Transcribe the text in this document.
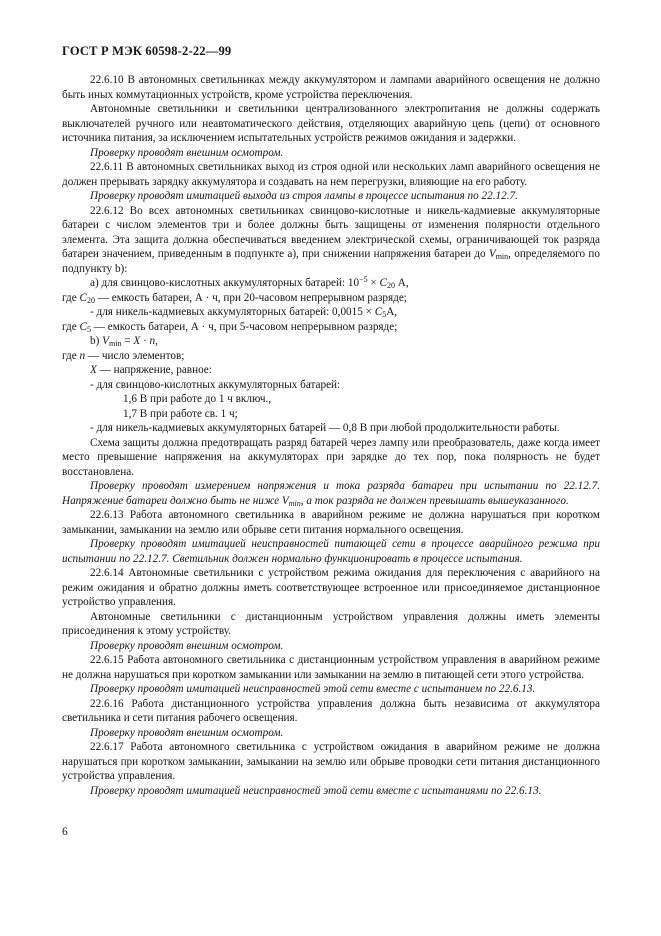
ГОСТ Р МЭК 60598-2-22—99

22.6.10 В автономных светильниках между аккумулятором и лампами аварийного освещения не должно быть иных коммутационных устройств, кроме устройства переключения.

Автономные светильники и светильники централизованного электропитания не должны содержать выключателей ручного или неавтоматического действия, отделяющих аварийную цепь (цепи) от основного источника питания, за исключением испытательных устройств режимов ожидания и задержки.

Проверку проводят внешним осмотром.

22.6.11 В автономных светильниках выход из строя одной или нескольких ламп аварийного освещения не должен прерывать зарядку аккумулятора и создавать на нем перегрузки, влияющие на его работу.

Проверку проводят имитацией выхода из строя лампы в процессе испытания по 22.12.7.

22.6.12 Во всех автономных светильниках свинцово-кислотные и никель-кадмиевые аккумуляторные батареи с числом элементов три и более должны быть защищены от изменения полярности отдельного элемента. Эта защита должна обеспечиваться введением электрической схемы, ограничивающей ток разряда батареи значением, приведенным в подпункте а), при снижении напряжения батареи до $V_{min}$, определяемого по подпункту b):

а) для свинцово-кислотных аккумуляторных батарей: $10^{-5} \times C_{20}$ А,

где $C_{20}$ — емкость батареи, А · ч, при 20-часовом непрерывном разряде;

- для никель-кадмиевых аккумуляторных батарей: $0,0015 \times C_5А$,

где $C_5$ — емкость батареи, А · ч, при 5-часовом непрерывном разряде;

b) $V_{min} = X \cdot n$,

где n — число элементов;

X — напряжение, равное:

- для свинцово-кислотных аккумуляторных батарей:

1,6 В при работе до 1 ч включ.,

1,7 В при работе св. 1 ч;

- для никель-кадмиевых аккумуляторных батарей — 0,8 В при любой продолжительности работы.

Схема защиты должна предотвращать разряд батарей через лампу или преобразователь, даже когда имеет место превышение напряжения на аккумуляторах при зарядке до тех пор, пока полярность не будет восстановлена.

Проверку проводят измерением напряжения и тока разряда батареи при испытании по 22.12.7. Напряжение батареи должно быть не ниже $V_{min}$, а ток разряда не должен превышать вышеуказанного.

22.6.13 Работа автономного светильника в аварийном режиме не должна нарушаться при коротком замыкании, замыкании на землю или обрыве сети питания нормального освещения.

Проверку проводят имитацией неисправностей питающей сети в процессе аварийного режима при испытании по 22.12.7. Светильник должен нормально функционировать в процессе испытания.

22.6.14 Автономные светильники с устройством режима ожидания для переключения с аварийного на режим ожидания и обратно должны иметь соответствующее встроенное или присоединяемое дистанционное устройство управления.

Автономные светильники с дистанционным устройством управления должны иметь элементы присоединения к этому устройству.

Проверку проводят внешним осмотром.

22.6.15 Работа автономного светильника с дистанционным устройством управления в аварийном режиме не должна нарушаться при коротком замыкании или замыкании на землю в питающей сети этого устройства.

Проверку проводят имитацией неисправностей этой сети вместе с испытанием по 22.6.13.

22.6.16 Работа дистанционного устройства управления должна быть независима от аккумулятора светильника и сети питания рабочего освещения.

Проверку проводят внешним осмотром.

22.6.17 Работа автономного светильника с устройством ожидания в аварийном режиме не должна нарушаться при коротком замыкании, замыкании на землю или обрыве проводки сети питания дистанционного устройства управления.

Проверку проводят имитацией неисправностей этой сети вместе с испытаниями по 22.6.13.

6
